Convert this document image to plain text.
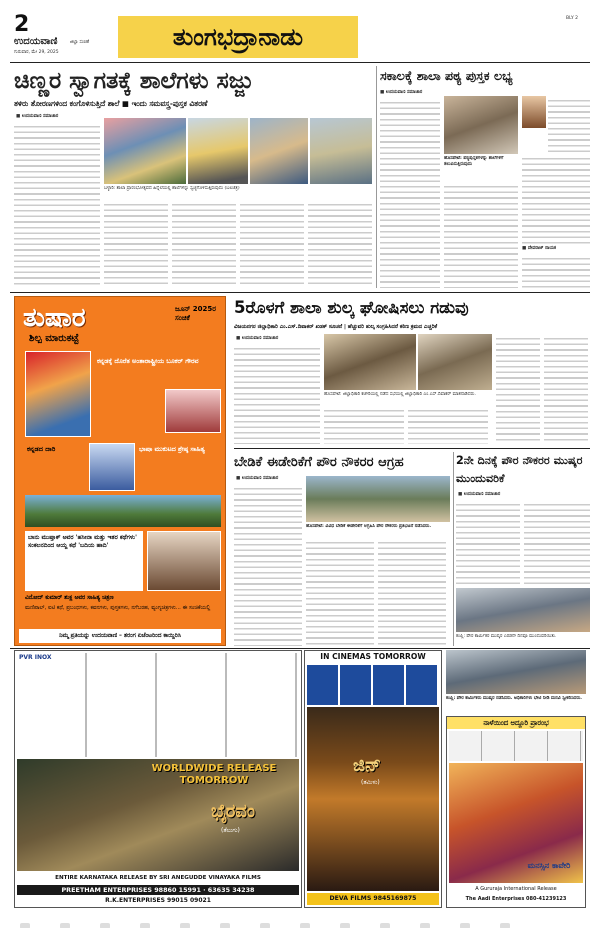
2
ಉದಯವಾಣಿ	ಜಿಲ್ಲಾ ಸಂಚಿಕೆ
ಗುರುವಾರ, ಮೇ 29, 2025
ತುಂಗಭದ್ರಾನಾಡು
BLY 2
ಚಿಣ್ಣರ ಸ್ವಾಗತಕ್ಕೆ ಶಾಲೆಗಳು ಸಜ್ಜು
ತಳಿರು ತೋರಣಗಳಿಂದ ಕಂಗೊಳಿಸುತ್ತಿದೆ ಶಾಲೆ ■ ಇಂದು ಸಮವಸ್ತ್ರ-ಪುಸ್ತಕ ವಿತರಣೆ
■ ಉದಯವಾಣಿ ಸಮಾಚಾರ
ಬಳ್ಳಾರಿ: ಶಾಲಾ ಪ್ರಾರಂಭೋತ್ಸವದ ಹಿನ್ನೆಲೆಯಲ್ಲಿ ಶಾಲೆಗಳನ್ನು ಸ್ವಚ್ಛಗೊಳಿಸುತ್ತಿರುವುದು (ಬಲಚಿತ್ರ)
ಸಕಾಲಕ್ಕೆ ಶಾಲಾ ಪಠ್ಯ ಪುಸ್ತಕ ಲಭ್ಯ
■ ಉದಯವಾಣಿ ಸಮಾಚಾರ
ಹೊಸಪೇಟೆ: ಪಠ್ಯಪುಸ್ತಕಗಳನ್ನು ಶಾಲೆಗಳಿಗೆ ತಲುಪಿಸುತ್ತಿರುವುದು
■ ದೇವರಾಜ್ ನಾಯಕ
ತುಷಾರ
ಶಿಲ್ಪ ಮಾರುಕಟ್ಟೆ
ಜೂನ್ 2025ರ ಸಂಚಿಕೆ
ಕನ್ನಡಕ್ಕೆ ದೊರೆತ ಅಂತಾರಾಷ್ಟ್ರೀಯ ಬೂಕರ್ ಗೌರವ
ಕನ್ನಡದ ದಾರಿ	ಭಾಷಾ ಮುಕುಟದ ಶ್ರೇಷ್ಠ ಸಾಹಿತ್ಯ
ಬಾನು ಮುಷ್ತಾಕ್ ಅವರ 'ಹಸೀನಾ ಮತ್ತು ಇತರ ಕಥೆಗಳು' ಸಂಕಲನದಿಂದ ಆಯ್ದ ಕಥೆ 'ಬದಿಯ ಹಾದಿ'
ವಿನೋದ್ ಕುಮಾರ್ ಶುಕ್ಲ ಅವರ ಸಾಹಿತ್ಯ ಚಿತ್ರಣ
ಮಣಿಪಾಲ್, ಐಟಿ ಕಥೆ, ಪ್ರಬಂಧಗಳು, ಕವನಗಳು, ಪುಸ್ತಕಗಳು, ನಗೆಬರಹ, ವ್ಯಂಗ್ಯಚಿತ್ರಗಳು... ಈ ಸಂಚಿಕೆಯಲ್ಲಿ
ನಿಮ್ಮ ಪ್ರತಿಯನ್ನು ಉದಯವಾಣಿ – ತರಂಗ ಏಜೆಂಟರಿಂದ ಕಾಯ್ದಿರಿಸಿ
5ರೊಳಗೆ ಶಾಲಾ ಶುಲ್ಕ ಘೋಷಿಸಲು ಗಡುವು
ವಿಜಯನಗರ ಜಿಲ್ಲಾಧಿಕಾರಿ ಎಂ.ಎಸ್.ದಿವಾಕರ್ ಖಡಕ್ ಸೂಚನೆ | ಹೆಚ್ಚುವರಿ ಶುಲ್ಕ ಸಂಗ್ರಹಿಸಿದರೆ ಕಠಿಣ ಕ್ರಮದ ಎಚ್ಚರಿಕೆ
■ ಉದಯವಾಣಿ ಸಮಾಚಾರ
ಹೊಸಪೇಟೆ: ಜಿಲ್ಲಾಧಿಕಾರಿ ಕಚೇರಿಯಲ್ಲಿ ನಡೆದ ಸಭೆಯಲ್ಲಿ ಜಿಲ್ಲಾಧಿಕಾರಿ ಎಂ.ಎಸ್.ದಿವಾಕರ್ ಮಾತನಾಡಿದರು.
ಬೇಡಿಕೆ ಈಡೇರಿಕೆಗೆ ಪೌರ ನೌಕರರ ಆಗ್ರಹ
■ ಉದಯವಾಣಿ ಸಮಾಚಾರ
ಹೊಸಪೇಟೆ: ವಿವಿಧ ಬೇಡಿಕೆ ಈಡೇರಿಕೆಗೆ ಆಗ್ರಹಿಸಿ ಪೌರ ನೌಕರರು ಪ್ರತಿಭಟನೆ ನಡೆಸಿದರು.
2ನೇ ದಿನಕ್ಕೆ ಪೌರ ನೌಕರರ ಮುಷ್ಕರ ಮುಂದುವರಿಕೆ
■ ಉದಯವಾಣಿ ಸಮಾಚಾರ
ಕಂಪ್ಲಿ: ಪೌರ ಕಾರ್ಮಿಕರ ಮುಷ್ಕರ ಎರಡನೇ ದಿನವೂ ಮುಂದುವರಿಯಿತು.
PVR INOX
WORLDWIDE RELEASE TOMORROW
ಭೈರವಂ
(ತೆಲುಗು)
ENTIRE KARNATAKA RELEASE BY SRI ANEGUDDE VINAYAKA FILMS
PREETHAM ENTERPRISES 98860 15991 · 63635 34238
R.K.ENTERPRISES 99015 09021
IN CINEMAS TOMORROW
ಜಿನ್
(ತಮಿಳು)
DEVA FILMS 9845169875
ಕಂಪ್ಲಿ: ಪೌರ ಕಾರ್ಮಿಕರು ಮುಷ್ಕರ ನಡೆಸಿದರು. ಅಧಿಕಾರಿಗಳು ಭೇಟಿ ನೀಡಿ ಮನವಿ ಸ್ವೀಕರಿಸಿದರು.
ನಾಳೆಯಿಂದ ಅದ್ದೂರಿ ಪ್ರಾರಂಭ
ಮನಸ್ಸಿನ ಕಾವೇರಿ
A Gururaja International Release
The Aadi Enterprises 080-41239123
